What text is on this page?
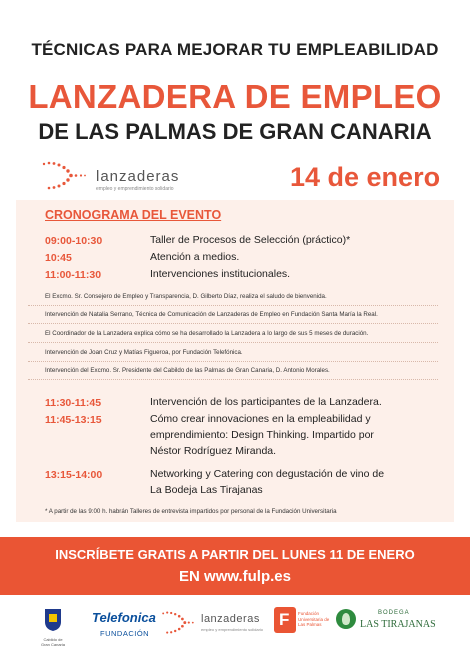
TÉCNICAS PARA MEJORAR TU EMPLEABILIDAD
LANZADERA DE EMPLEO
DE LAS PALMAS DE GRAN CANARIA
lanzaderas
empleo y emprendimiento solidario	14 de enero
CRONOGRAMA DEL EVENTO
09:00-10:30	Taller de Procesos de Selección (práctico)*
10:45	Atención a medios.
11:00-11:30	Intervenciones institucionales.
El Excmo. Sr. Consejero de Empleo y Transparencia, D. Gilberto Díaz, realiza el saludo de bienvenida.
Intervención de Natalia Serrano, Técnica de Comunicación de Lanzaderas de Empleo en Fundación Santa María la Real.
El Coordinador de la Lanzadera explica cómo se ha desarrollado la Lanzadera a lo largo de sus 5 meses de duración.
Intervención de Joan Cruz y Matías Figueroa, por Fundación Telefónica.
Intervención del Excmo. Sr. Presidente del Cabildo de las Palmas de Gran Canaria, D. Antonio Morales.
11:30-11:45	Intervención de los participantes de la Lanzadera.
11:45-13:15	Cómo crear innovaciones en la empleabilidad y
emprendimiento: Design Thinking. Impartido por
Néstor Rodríguez Miranda.
13:15-14:00	Networking y Catering con degustación de vino de
La Bodeja Las Tirajanas
* A partir de las 9:00 h. habrán Talleres de entrevista impartidos por personal de la Fundación Universitaria
INSCRÍBETE GRATIS A PARTIR DEL LUNES 11 DE ENERO
EN www.fulp.es
Cabildo de Gran Canaria
Telefonica
FUNDACIÓN
lanzaderas
empleo y emprendimiento solidario
F Fundación Universitaria de Las Palmas
BODEGA
LAS TIRAJANAS
